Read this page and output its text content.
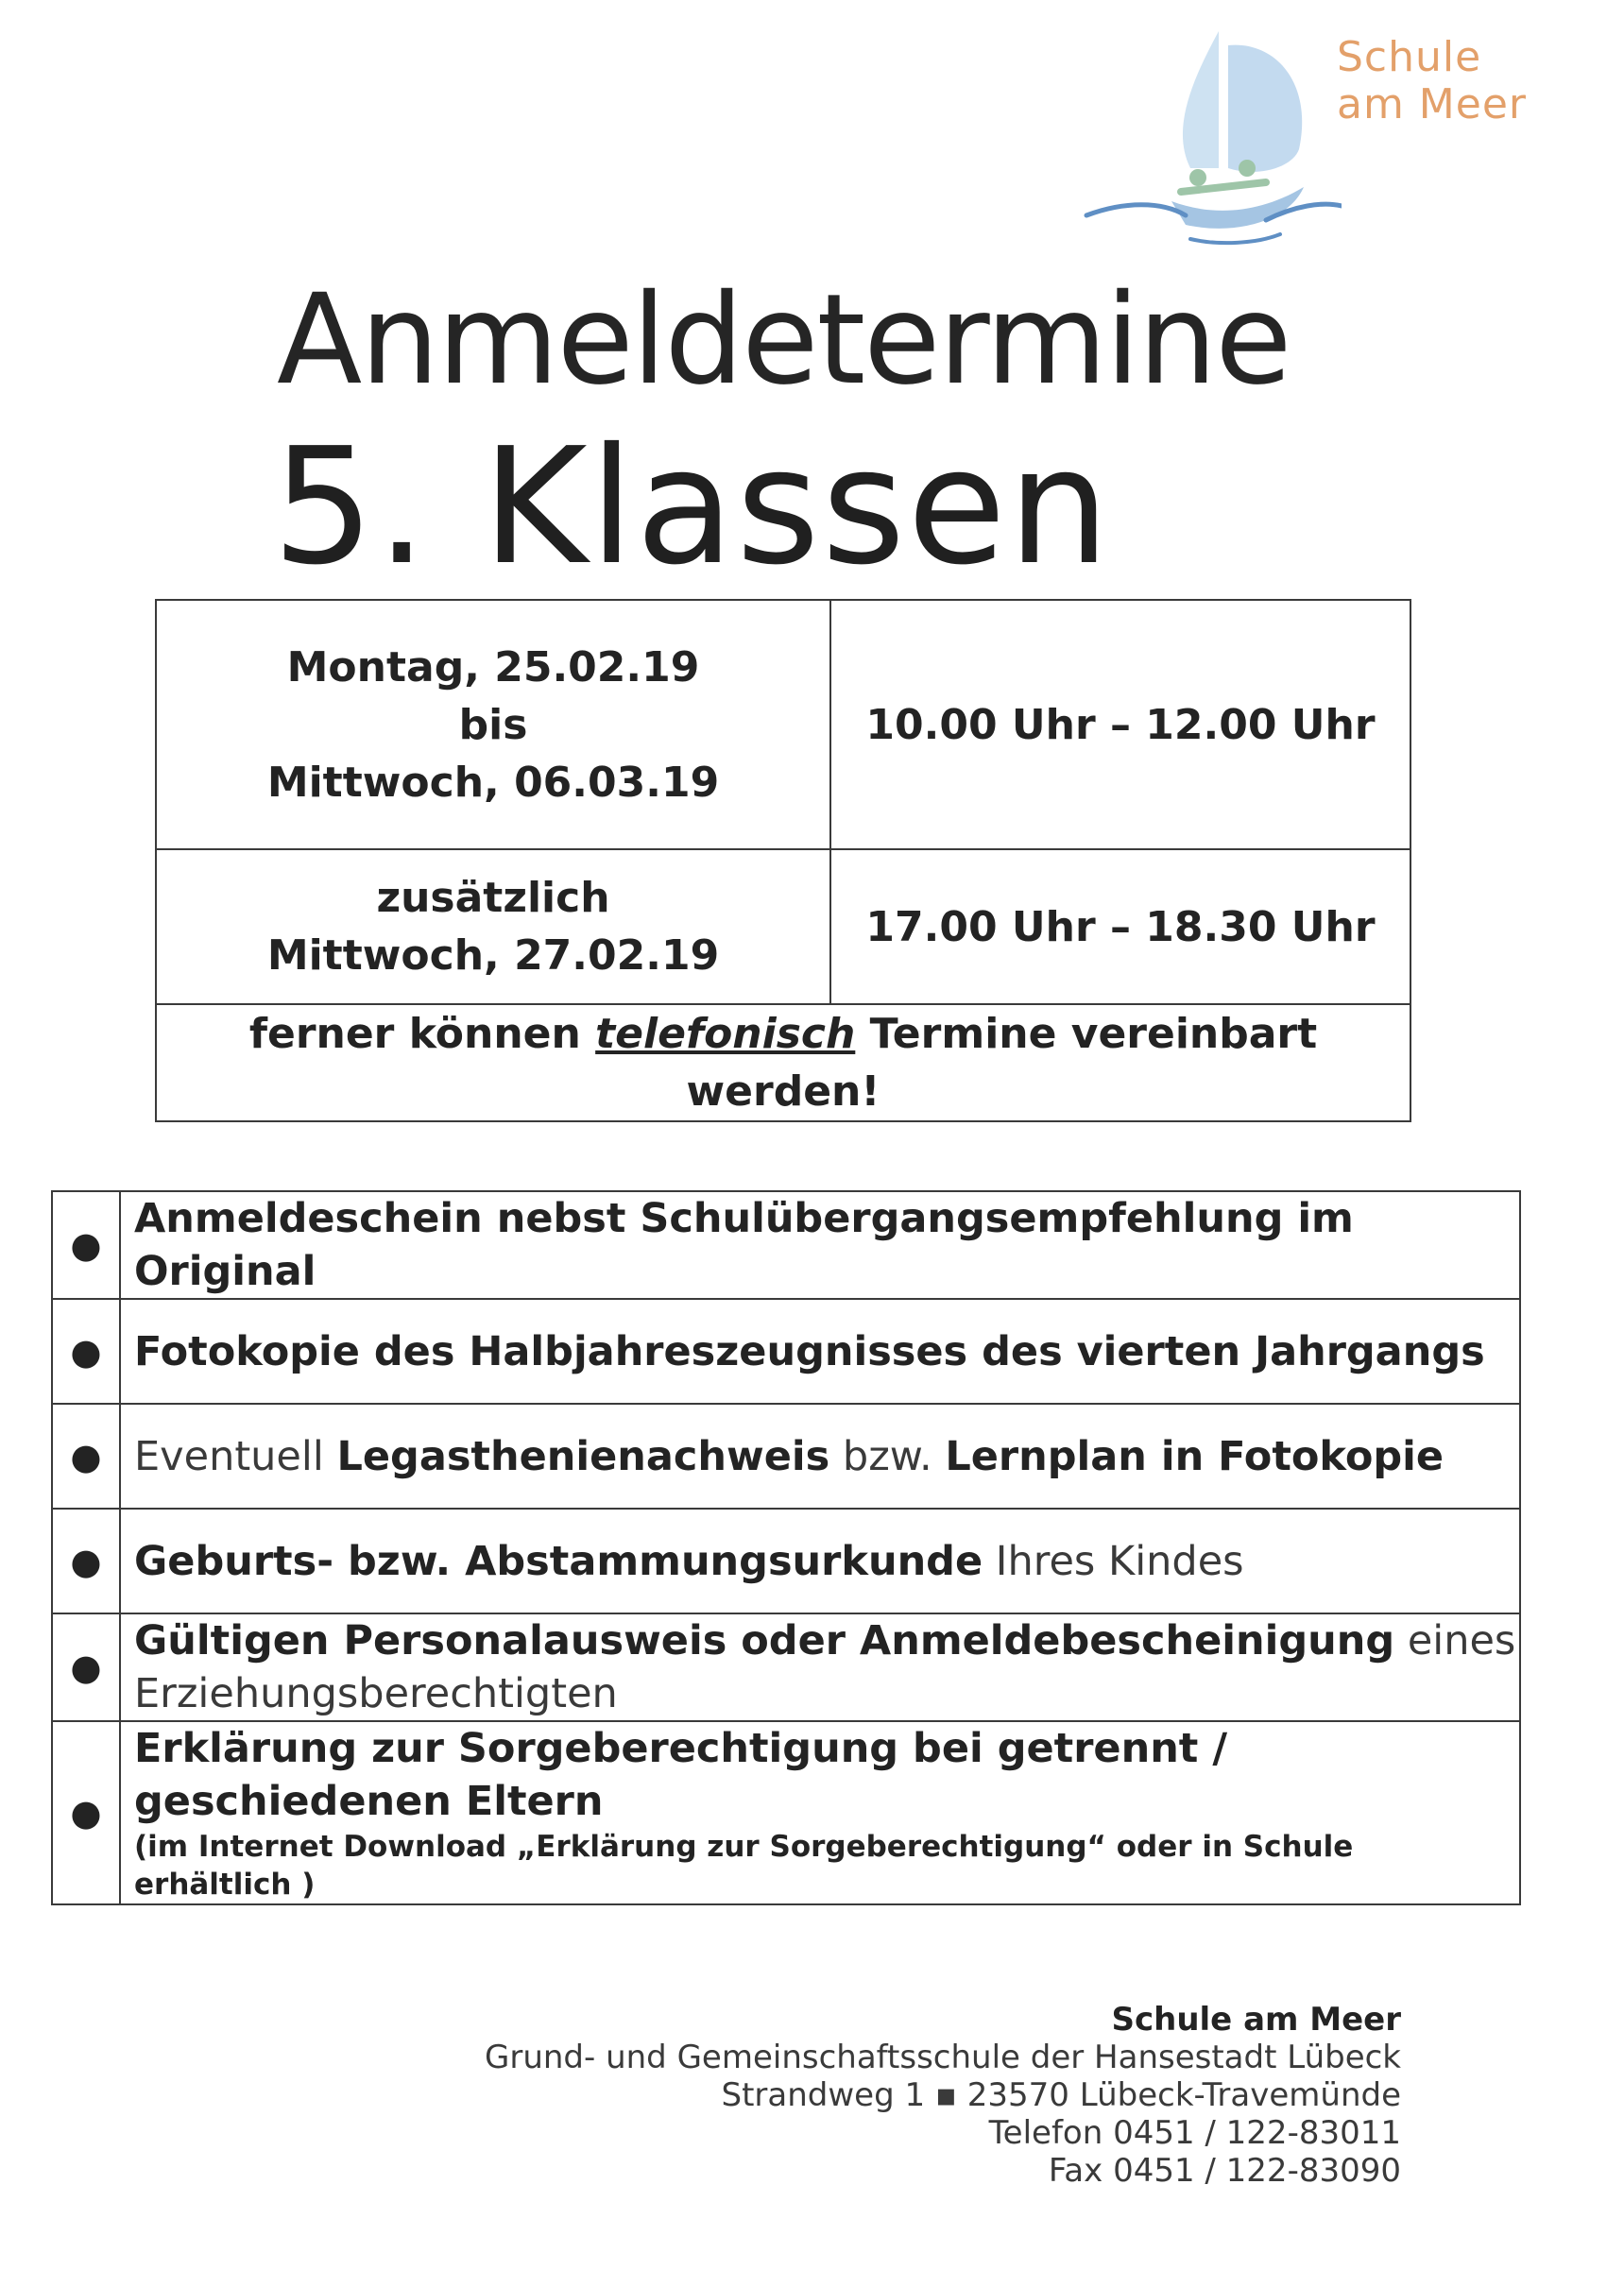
Schule
am Meer
Anmeldetermine
5. Klassen
Montag, 25.02.19
bis
Mittwoch, 06.03.19	10.00 Uhr – 12.00 Uhr

zusätzlich
Mittwoch, 27.02.19	17.00 Uhr – 18.30 Uhr
ferner können telefonisch Termine vereinbart werden!	
●	Anmeldeschein nebst Schulübergangsempfehlung im Original
●	Fotokopie des Halbjahreszeugnisses des vierten Jahrgangs
●	Eventuell Legasthenienachweis bzw. Lernplan in Fotokopie
●	Geburts- bzw. Abstammungsurkunde Ihres Kindes
●	Gültigen Personalausweis oder Anmeldebescheinigung eines Erziehungsberechtigten
●	Erklärung zur Sorgeberechtigung bei getrennt / geschiedenen Eltern
(im Internet Download „Erklärung zur Sorgeberechtigung“ oder in Schule erhältlich )
Schule am Meer
Grund- und Gemeinschaftsschule der Hansestadt Lübeck
Strandweg 1 ▪ 23570 Lübeck-Travemünde
Telefon 0451 / 122-83011
Fax 0451 / 122-83090
